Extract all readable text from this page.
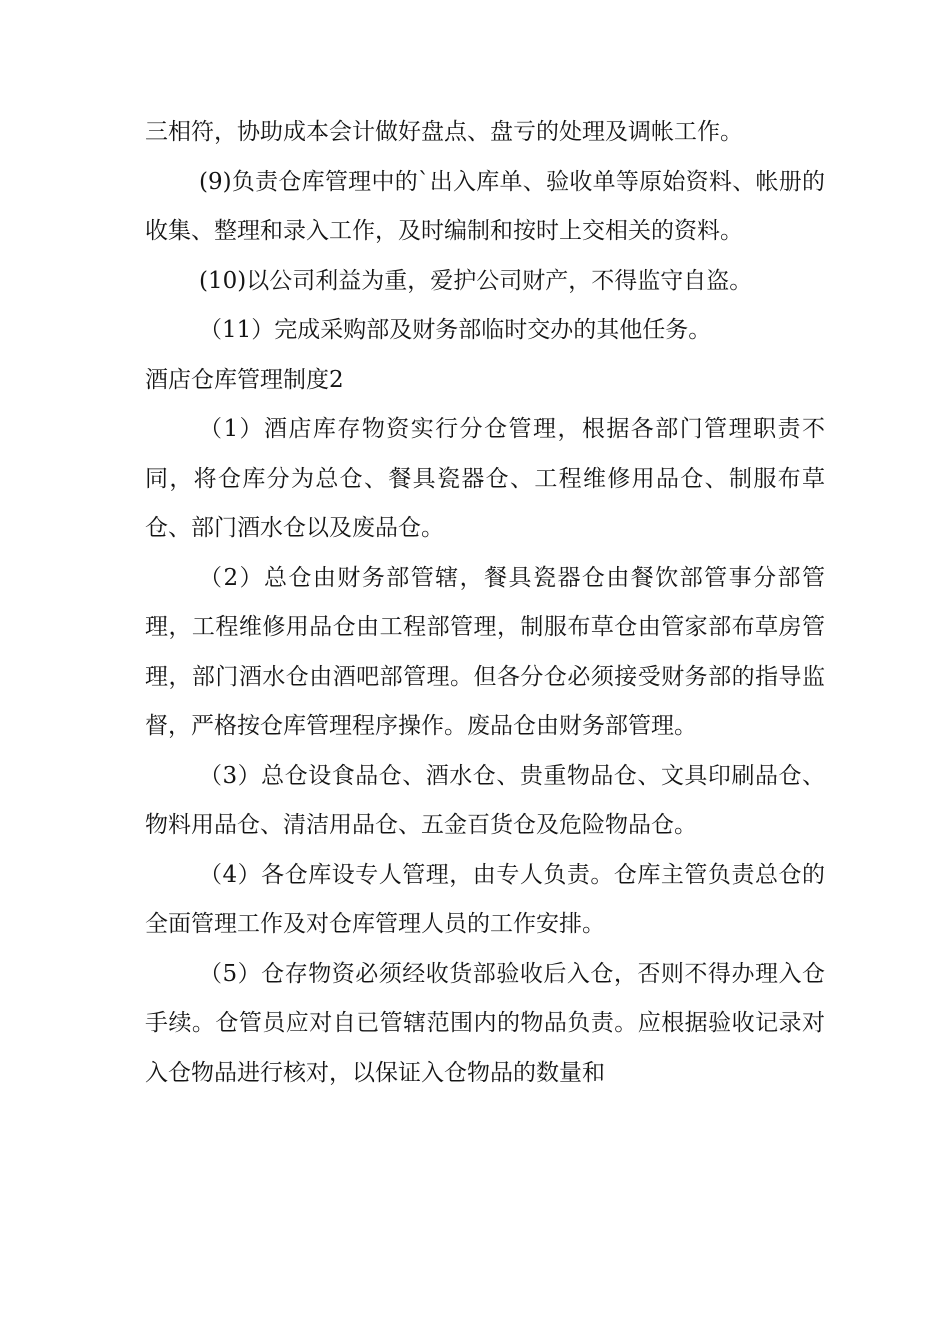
三相符，协助成本会计做好盘点、盘亏的处理及调帐工作。

(9)负责仓库管理中的`出入库单、验收单等原始资料、帐册的收集、整理和录入工作，及时编制和按时上交相关的资料。

(10)以公司利益为重，爱护公司财产，不得监守自盗。

（11）完成采购部及财务部临时交办的其他任务。

酒店仓库管理制度2

（1）酒店库存物资实行分仓管理，根据各部门管理职责不同，将仓库分为总仓、餐具瓷器仓、工程维修用品仓、制服布草仓、部门酒水仓以及废品仓。

（2）总仓由财务部管辖，餐具瓷器仓由餐饮部管事分部管理，工程维修用品仓由工程部管理，制服布草仓由管家部布草房管理，部门酒水仓由酒吧部管理。但各分仓必须接受财务部的指导监督，严格按仓库管理程序操作。废品仓由财务部管理。

（3）总仓设食品仓、酒水仓、贵重物品仓、文具印刷品仓、物料用品仓、清洁用品仓、五金百货仓及危险物品仓。

（4）各仓库设专人管理，由专人负责。仓库主管负责总仓的全面管理工作及对仓库管理人员的工作安排。

（5）仓存物资必须经收货部验收后入仓，否则不得办理入仓手续。仓管员应对自已管辖范围内的物品负责。应根据验收记录对入仓物品进行核对，以保证入仓物品的数量和
